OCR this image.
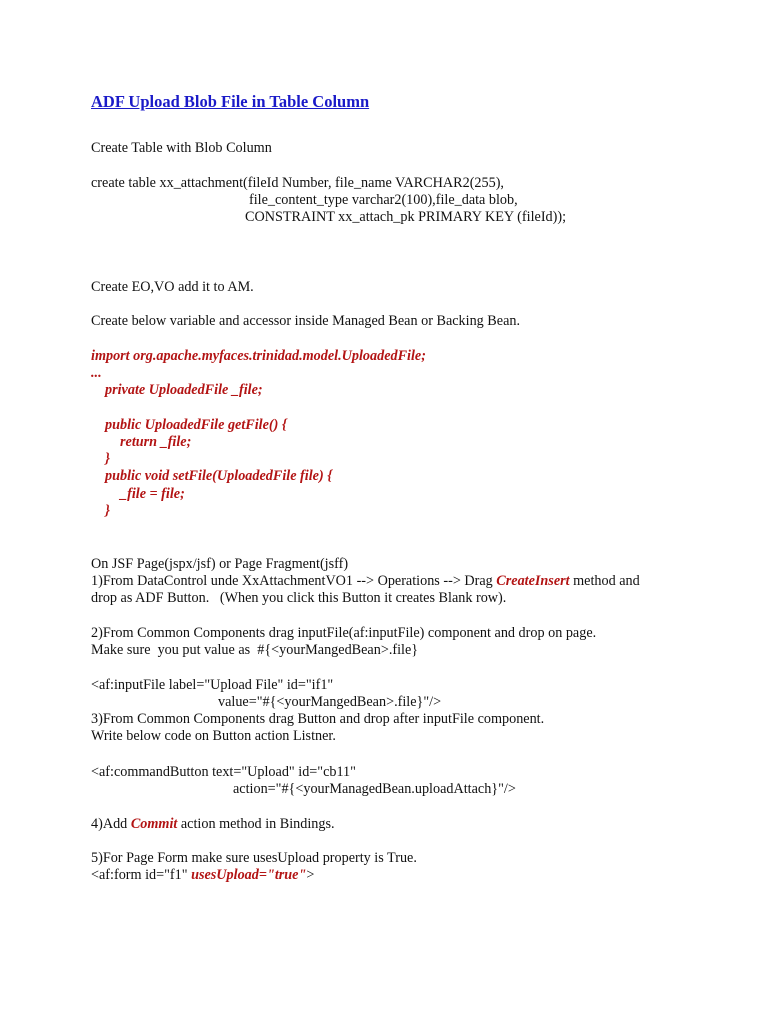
ADF Upload Blob File in Table Column
Create Table with Blob Column
create table xx_attachment(fileId Number, file_name VARCHAR2(255),
file_content_type varchar2(100),file_data blob,
CONSTRAINT xx_attach_pk PRIMARY KEY (fileId));
Create EO,VO add it to AM.
Create below variable and accessor inside Managed Bean or Backing Bean.
import org.apache.myfaces.trinidad.model.UploadedFile;
...
private UploadedFile _file;
public UploadedFile getFile() {
return _file;
}
public void setFile(UploadedFile file) {
_file = file;
}
On JSF Page(jspx/jsf) or Page Fragment(jsff)
1)From DataControl unde XxAttachmentVO1 --> Operations --> Drag CreateInsert method and
drop as ADF Button.   (When you click this Button it creates Blank row).
2)From Common Components drag inputFile(af:inputFile) component and drop on page.
Make sure  you put value as  #{<yourMangedBean>.file}
<af:inputFile label="Upload File" id="if1"
value="#{<yourMangedBean>.file}"/>
3)From Common Components drag Button and drop after inputFile component.
Write below code on Button action Listner.
<af:commandButton text="Upload" id="cb11"
action="#{<yourManagedBean.uploadAttach}"/>
4)Add Commit action method in Bindings.
5)For Page Form make sure usesUpload property is True.
<af:form id="f1" usesUpload="true">
